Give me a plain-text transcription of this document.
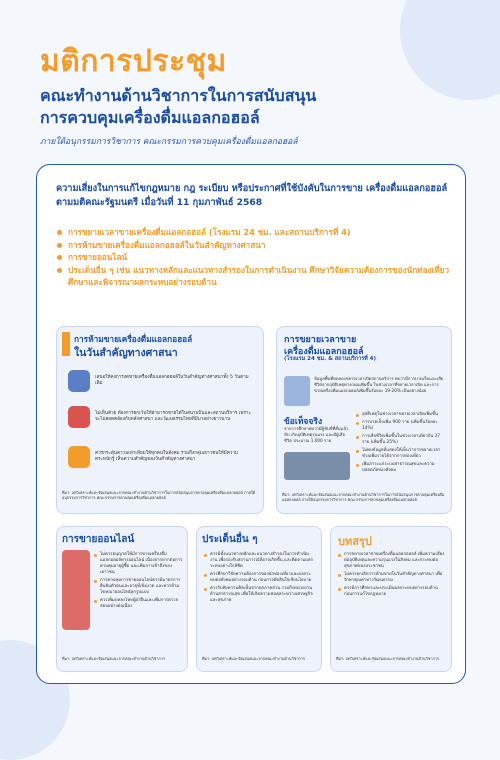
มติการประชุม
คณะทำงานด้านวิชาการในการสนับสนุน
การควบคุมเครื่องดื่มแอลกอฮอล์
ภายใต้อนุกรรมการวิชาการ คณะกรรมการควบคุมเครื่องดื่มแอลกอฮอล์
ความเสี่ยงในการแก้ไขกฎหมาย กฎ ระเบียบ หรือประกาศที่ใช้บังคับในการขาย เครื่องดื่มแอลกอฮอล์ตามมติคณะรัฐมนตรี เมื่อวันที่ 11 กุมภาพันธ์ 2568
การขยายเวลาขายเครื่องดื่มแอลกอฮอล์ (โรงแรม 24 ชม. และสถานบริการที่ 4)
การห้ามขายเครื่องดื่มแอลกอฮอล์ในวันสำคัญทางศาสนา
การขายออนไลน์
ประเด็นอื่น ๆ เช่น แนวทางหลักและแนวทางสำรองในการดำเนินงาน ศึกษาวิจัยความต้องการของนักท่องเที่ยว ศึกษาและพิจารณาผลกระทบอย่างรอบด้าน
การห้ามขายเครื่องดื่มแอลกอฮอล์
ในวันสำคัญทางศาสนา
เสนอให้คงการงดขายเครื่องดื่มแอลกอฮอล์ในวันสำคัญทางศาสนาทั้ง 5 วันตามเดิม
ไม่เห็นด้วย ต้องการยกเว้นให้สามารถขายได้ในสนามบินและสถานบริการ เพราะจะไม่สอดคล้องกับหลักศาสนา และวัฒนธรรมไทยที่มีมาอย่างยาวนาน
ควรกระตุ้นความเท่าเทียมให้ทุกคนในสังคม รวมถึงกลุ่มเยาวชนให้มีความตระหนักรู้ เห็นความสำคัญของวันสำคัญทางศาสนา
ที่มา: บทวิเคราะห์และข้อเสนอแนะจากคณะทำงานด้านวิชาการในการสนับสนุนการควบคุมเครื่องดื่มแอลกอฮอล์ ภายใต้อนุกรรมการวิชาการ คณะกรรมการควบคุมเครื่องดื่มแอลกอฮอล์
การขยายเวลาขาย
เครื่องดื่มแอลกอฮอล์
(โรงแรม 24 ชม. & สถานบริการที่ 4)
ข้อมูลพื้นที่ทดลองขยายเวลาเปิดสถานบริการ พบว่ามีการบาดเจ็บและเสียชีวิตจากอุบัติเหตุทางถนนเพิ่มขึ้น ในช่วงเวลาที่ขยายเวลาเปิด และการขายเครื่องดื่มแอลกอฮอล์เพิ่มขึ้นร้อยละ 19-20% เป็นอย่างน้อย
ข้อเท็จจริง
จากการศึกษาพบว่ามีผู้ขับขี่ที่ดื่มแล้วขับ เกิดอุบัติเหตุรุนแรง และมีผู้เสียชีวิต ประมาณ 1,000 ราย
อุบัติเหตุในช่วงเวลาขยายเวลาเปิดเพิ่มขึ้น
การบาดเจ็บเพิ่ม 900 ราย (เพิ่มขึ้นร้อยละ 14%)
การเสียชีวิตเพิ่มขึ้นในช่วงเวลาเดียวกัน 37 ราย (เพิ่มขึ้น 25%)
ไม่พบข้อมูลที่แสดงให้เห็นว่าการขยายเวลาช่วยเพิ่มรายได้จากการท่องเที่ยว
เพิ่มภาระแก่ระบบสาธารณสุขและความปลอดภัยของสังคม
ที่มา: บทวิเคราะห์และข้อเสนอแนะจากคณะทำงานด้านวิชาการในการสนับสนุนการควบคุมเครื่องดื่มแอลกอฮอล์ ภายใต้อนุกรรมการวิชาการ คณะกรรมการควบคุมเครื่องดื่มแอลกอฮอล์
การขายออนไลน์
ไม่ควรอนุญาตให้มีการขายเครื่องดื่มแอลกอฮอล์ทางออนไลน์ เนื่องจากยากต่อการควบคุมอายุผู้ซื้อ และเพิ่มการเข้าถึงของเยาวชน
การควบคุมการขายออนไลน์ควรมีมาตรการยืนยันตัวตนและอายุที่เข้มงวด และควรห้ามโฆษณาออนไลน์ทุกรูปแบบ
ควรเพิ่มบทลงโทษผู้ฝ่าฝืนและเพิ่มการตรวจสอบอย่างต่อเนื่อง
ที่มา: บทวิเคราะห์และข้อเสนอแนะจากคณะทำงานด้านวิชาการ
ประเด็นอื่น ๆ
ควรมีทั้งแนวทางหลักและแนวทางสำรองในการดำเนินงาน เพื่อรองรับสถานการณ์ที่อาจเกิดขึ้น และติดตามผลกระทบอย่างใกล้ชิด
ควรศึกษาวิจัยความต้องการของนักท่องเที่ยวและผลกระทบต่อสังคมอย่างรอบด้าน ก่อนการตัดสินใจเชิงนโยบาย
ควรรับฟังความคิดเห็นจากทุกภาคส่วน รวมถึงหน่วยงานด้านสาธารณสุข เพื่อให้เกิดความสมดุลระหว่างเศรษฐกิจและสุขภาพ
ที่มา: บทวิเคราะห์และข้อเสนอแนะจากคณะทำงานด้านวิชาการ
บทสรุป
การขยายเวลาขายเครื่องดื่มแอลกอฮอล์ เพิ่มความเสี่ยงต่ออุบัติเหตุและความรุนแรงในสังคม และกระทบต่อสุขภาพของประชาชน
ไม่ควรยกเลิกการห้ามขายในวันสำคัญทางศาสนา เพื่อรักษาคุณค่าทางวัฒนธรรม
ควรมีการศึกษาและประเมินผลกระทบอย่างรอบด้านก่อนการแก้ไขกฎหมาย
ที่มา: บทวิเคราะห์และข้อเสนอแนะจากคณะทำงานด้านวิชาการ
